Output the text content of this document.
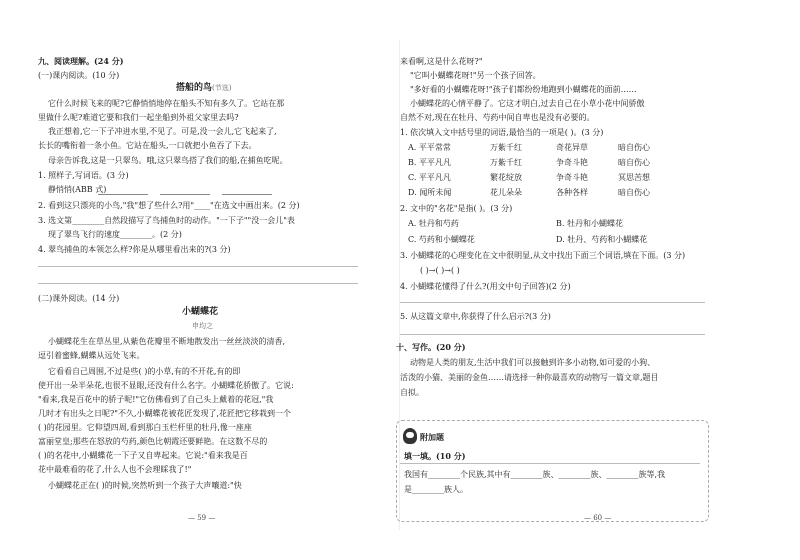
九、阅读理解。(24 分)
(一)课内阅读。(10 分)
搭船的鸟(节选)
它什么时候飞来的呢?它静悄悄地停在船头不知有多久了。它站在那
里做什么呢?难道它要和我们一起坐船到外祖父家里去吗?
我正想着,它一下子冲进水里,不见了。可是,没一会儿,它飞起来了,
长长的嘴衔着一条小鱼。它站在船头,一口就把小鱼吞了下去。
母亲告诉我,这是一只翠鸟。哦,这只翠鸟搭了我们的船,在捕鱼吃呢。
1. 照样子,写词语。(3 分)
静悄悄(ABB 式)
2. 看到这只漂亮的小鸟,"我"想了些什么?用"____"在选文中画出来。(2 分)
3. 选文第________自然段描写了鸟捕鱼时的动作。"一下子""没一会儿"表
现了翠鸟飞行的速度________。(2 分)
4. 翠鸟捕鱼的本领怎么样?你是从哪里看出来的?(3 分)
(二)课外阅读。(14 分)
小蝴蝶花
申均之
小蝴蝶花生在草丛里,从紫色花瓣里不断地散发出一丝丝淡淡的清香,
逗引着蜜蜂,蝴蝶从远处飞来。
它看看自己周围,不过是些( )的小草,有的不开花,有的即
使开出一朵半朵花,也很不显眼,还没有什么名字。小蝴蝶花骄傲了。它说:
"看来,我是百花中的骄子呢!"它仿佛看到了自己头上戴着的花冠,"我
几时才有出头之日呢?"不久,小蝴蝶花被花匠发现了,花匠把它移栽到一个
( )的花园里。它仰望四周,看到那白玉栏杆里的牡丹,像一座座
富丽堂皇;那些在怒放的芍药,颜色比朝霞还要鲜艳。在这数不尽的
( )的名花中,小蝴蝶花一下子又自卑起来。它说:"看来我是百
花中最难看的花了,什么人也不会理睬我了!"
小蝴蝶花正在( )的时候,突然听到一个孩子大声嚷道:"快
— 59 —
来看啊,这是什么花呀?"
"它叫小蝴蝶花呀!"另一个孩子回答。
"多好看的小蝴蝶花呀!"孩子们都纷纷地跑到小蝴蝶花的面前……
小蝴蝶花的心情平静了。它这才明白,过去自己在小草小花中间骄傲
自然不对,现在在牡丹、芍药中间自卑也是没有必要的。
1. 依次填入文中括号里的词语,最恰当的一项是( )。(3 分)
A. 平平常常	万紫千红	奇花异草	暗自伤心
B. 平平凡凡	万紫千红	争奇斗艳	暗自伤心
C. 平平凡凡	繁花绽放	争奇斗艳	冥思苦想
D. 闻所未闻	花儿朵朵	各种各样	暗自伤心
2. 文中的"名花"是指( )。(3 分)
A. 牡丹和芍药	B. 牡丹和小蝴蝶花
C. 芍药和小蝴蝶花	D. 牡丹、芍药和小蝴蝶花
3. 小蝴蝶花的心理变化在文中很明显,从文中找出下面三个词语,填在下面。(3 分)
( )→( )→( )
4. 小蝴蝶花懂得了什么?(用文中句子回答)(2 分)
5. 从这篇文章中,你获得了什么启示?(3 分)
十、写作。(20 分)
动物是人类的朋友,生活中我们可以接触到许多小动物,如可爱的小狗、
活泼的小猫、美丽的金鱼……请选择一种你最喜欢的动物写一篇文章,题目
自拟。
附加题
填一填。(10 分)
我国有________个民族,其中有________族、________族、________族等,我
是________族人。
— 60 —
